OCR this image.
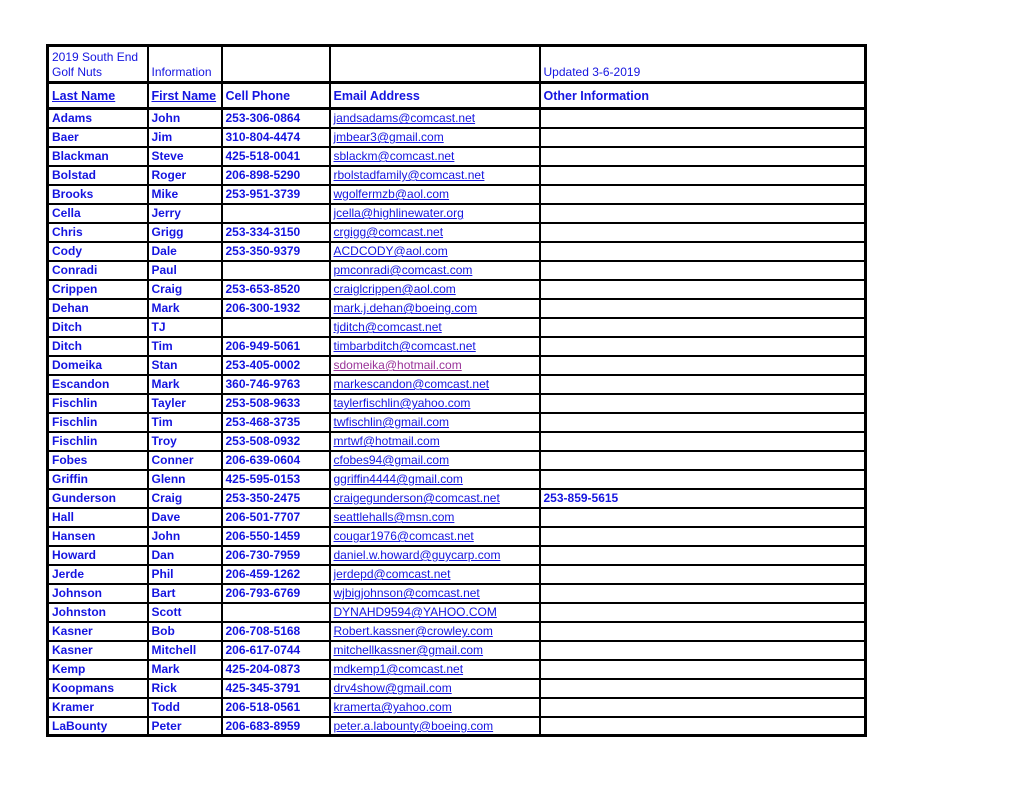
2019 South End
Golf Nuts	Information			Updated 3-6-2019
Last Name	First Name	Cell Phone	Email Address	Other Information
Adams	John	253-306-0864	jandsadams@comcast.net	
Baer	Jim	310-804-4474	jmbear3@gmail.com	
Blackman	Steve	425-518-0041	sblackm@comcast.net	
Bolstad	Roger	206-898-5290	rbolstadfamily@comcast.net	
Brooks	Mike	253-951-3739	wgolfermzb@aol.com	
Cella	Jerry		jcella@highlinewater.org	
Chris	Grigg	253-334-3150	crgigg@comcast.net	
Cody	Dale	253-350-9379	ACDCODY@aol.com	
Conradi	Paul		pmconradi@comcast.com	
Crippen	Craig	253-653-8520	craiglcrippen@aol.com	
Dehan	Mark	206-300-1932	mark.j.dehan@boeing.com	
Ditch	TJ		tjditch@comcast.net	
Ditch	Tim	206-949-5061	timbarbditch@comcast.net	
Domeika	Stan	253-405-0002	sdomeika@hotmail.com	
Escandon	Mark	360-746-9763	markescandon@comcast.net	
Fischlin	Tayler	253-508-9633	taylerfischlin@yahoo.com	
Fischlin	Tim	253-468-3735	twfischlin@gmail.com	
Fischlin	Troy	253-508-0932	mrtwf@hotmail.com	
Fobes	Conner	206-639-0604	cfobes94@gmail.com	
Griffin	Glenn	425-595-0153	ggriffin4444@gmail.com	
Gunderson	Craig	253-350-2475	craigegunderson@comcast.net	253-859-5615
Hall	Dave	206-501-7707	seattlehalls@msn.com	
Hansen	John	206-550-1459	cougar1976@comcast.net	
Howard	Dan	206-730-7959	daniel.w.howard@guycarp.com	
Jerde	Phil	206-459-1262	jerdepd@comcast.net	
Johnson	Bart	206-793-6769	wjbigjohnson@comcast.net	
Johnston	Scott		DYNAHD9594@YAHOO.COM	
Kasner	Bob	206-708-5168	Robert.kassner@crowley.com	
Kasner	Mitchell	206-617-0744	mitchellkassner@gmail.com	
Kemp	Mark	425-204-0873	mdkemp1@comcast.net	
Koopmans	Rick	425-345-3791	drv4show@gmail.com	
Kramer	Todd	206-518-0561	kramerta@yahoo.com	
LaBounty	Peter	206-683-8959	peter.a.labounty@boeing.com	
